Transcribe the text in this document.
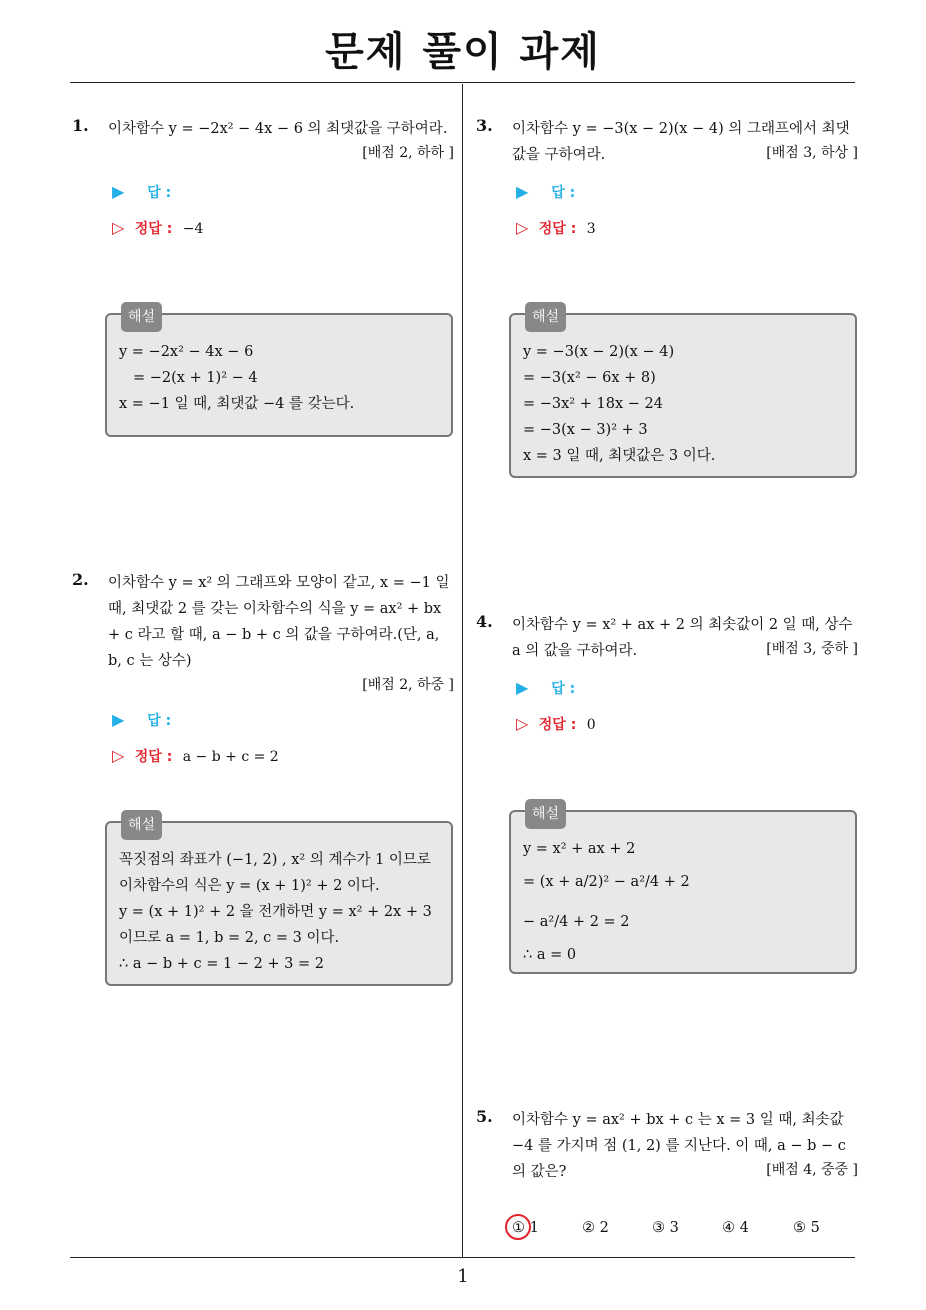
문제 풀이 과제
1
1. 이차함수 y = −2x² − 4x − 6 의 최댓값을 구하여라.
[배점 2, 하하 ]
▶ 답 :
▷ 정답 : −4
해설
y = −2x² − 4x − 6
= −2(x + 1)² − 4
x = −1 일 때, 최댓값 −4 를 갖는다.
2. 이차함수 y = x² 의 그래프와 모양이 같고, x = −1 일 때, 최댓값 2 를 갖는 이차함수의 식을 y = ax² + bx + c 라고 할 때, a − b + c 의 값을 구하여라.(단, a, b, c 는 상수)
[배점 2, 하중 ]
▶ 답 :
▷ 정답 : a − b + c = 2
해설
꼭짓점의 좌표가 (−1, 2) , x² 의 계수가 1 이므로
이차함수의 식은 y = (x + 1)² + 2 이다.
y = (x + 1)² + 2 을 전개하면 y = x² + 2x + 3
이므로 a = 1, b = 2, c = 3 이다.
∴ a − b + c = 1 − 2 + 3 = 2
3. 이차함수 y = −3(x − 2)(x − 4) 의 그래프에서 최댓값을 구하여라.	[배점 3, 하상 ]
▶ 답 :
▷ 정답 : 3
해설
y = −3(x − 2)(x − 4)
= −3(x² − 6x + 8)
= −3x² + 18x − 24
= −3(x − 3)² + 3
x = 3 일 때, 최댓값은 3 이다.
4. 이차함수 y = x² + ax + 2 의 최솟값이 2 일 때, 상수 a 의 값을 구하여라.	[배점 3, 중하 ]
▶ 답 :
▷ 정답 : 0
해설
y = x² + ax + 2
= (x + a/2)² − a²/4 + 2
− a²/4 + 2 = 2
∴ a = 0
5. 이차함수 y = ax² + bx + c 는 x = 3 일 때, 최솟값 −4 를 가지며 점 (1, 2) 를 지난다. 이 때, a − b − c 의 값은?	[배점 4, 중중 ]
① 1	② 2	③ 3	④ 4	⑤ 5
